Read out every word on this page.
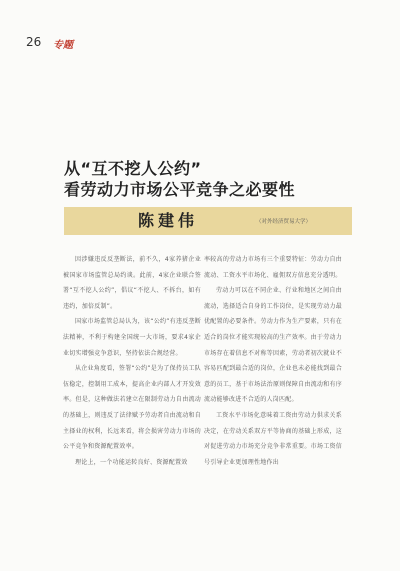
26 专题
从“互不挖人公约”
看劳动力市场公平竞争之必要性
陈建伟	（对外经济贸易大学）

因涉嫌违反反垄断法，前不久，4家养猪企业被国家市场监管总局约谈。此前，4家企业联合签署“互不挖人公约”，倡议“不挖人、不拆台，如有违约，加倍反制”。

国家市场监管总局认为，该“公约”有违反垄断法精神，不利于构建全国统一大市场，要求4家企业切实增强竞争意识，坚持依法合规经营。

从企业角度看，签署“公约”是为了保持员工队伍稳定，控制用工成本，提高企业内部人才开发效率。但是，这种做法若建立在限制劳动力自由流动的基础上，则违反了法律赋予劳动者自由流动和自主择业的权利，长远来看，将会损害劳动力市场的公平竞争和资源配置效率。

理论上，一个功能运转良好、资源配置效

率较高的劳动力市场有三个重要特征：劳动力自由流动、工资水平市场化、雇佣双方信息充分透明。

劳动力可以在不同企业、行业和地区之间自由流动，选择适合自身的工作岗位，是实现劳动力最优配置的必要条件。劳动力作为生产要素，只有在适合的岗位才能实现较高的生产效率。由于劳动力市场存在着信息不对称等因素，劳动者初次就业不容易匹配到最合适的岗位，企业也未必能找到最合意的员工，基于市场法治原则保障自由流动和有序流动能够改进不合适的人岗匹配。

工资水平市场化意味着工资由劳动力供求关系决定，在劳动关系双方平等协商的基础上形成，这对促进劳动力市场充分竞争非常重要。市场工资信号引导企业更加理性地作出
